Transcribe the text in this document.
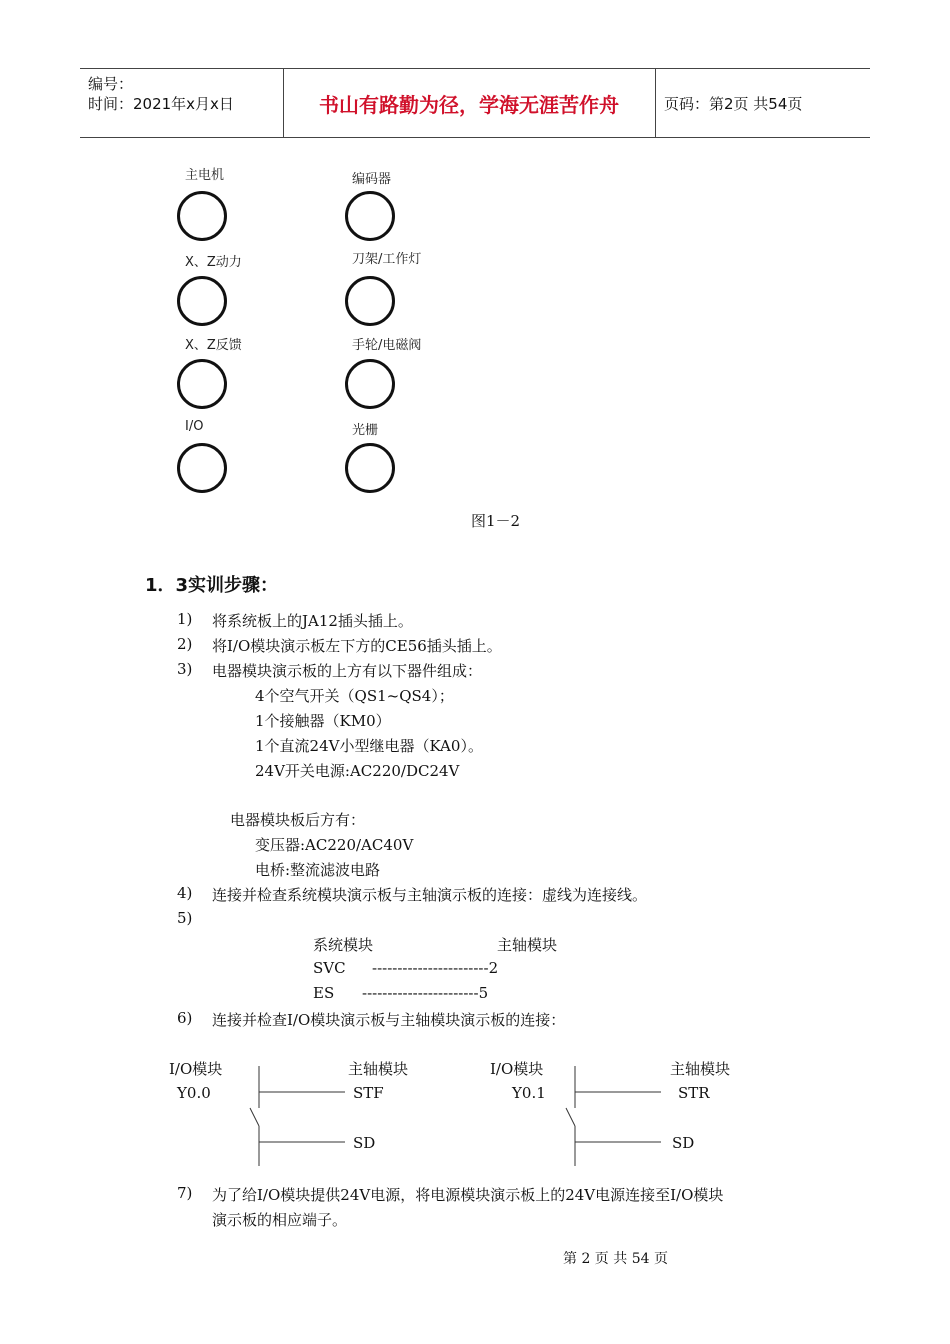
编号：
时间：2021年x月x日	书山有路勤为径，学海无涯苦作舟	页码：第2页 共54页
主电机	编码器
X、Z动力	刀架/工作灯
X、Z反馈	手轮/电磁阀
I/O	光栅
图1－2
1．3实训步骤：
1) 将系统板上的JA12插头插上。
2) 将I/O模块演示板左下方的CE56插头插上。
3) 电器模块演示板的上方有以下器件组成：
4个空气开关（QS1~QS4）；
1个接触器（KM0）
1个直流24V小型继电器（KA0）。
24V开关电源:AC220/DC24V
电器模块板后方有：
变压器:AC220/AC40V
电桥:整流滤波电路
4) 连接并检查系统模块演示板与主轴演示板的连接：虚线为连接线。
5)
系统模块	主轴模块
SVC -----------------------2
ES -----------------------5
6) 连接并检查I/O模块演示板与主轴模块演示板的连接：
I/O模块	主轴模块
Y0.0	STF
SD
I/O模块	主轴模块
Y0.1	STR
SD
7) 为了给I/O模块提供24V电源，将电源模块演示板上的24V电源连接至I/O模块
演示板的相应端子。
第 2 页 共 54 页
